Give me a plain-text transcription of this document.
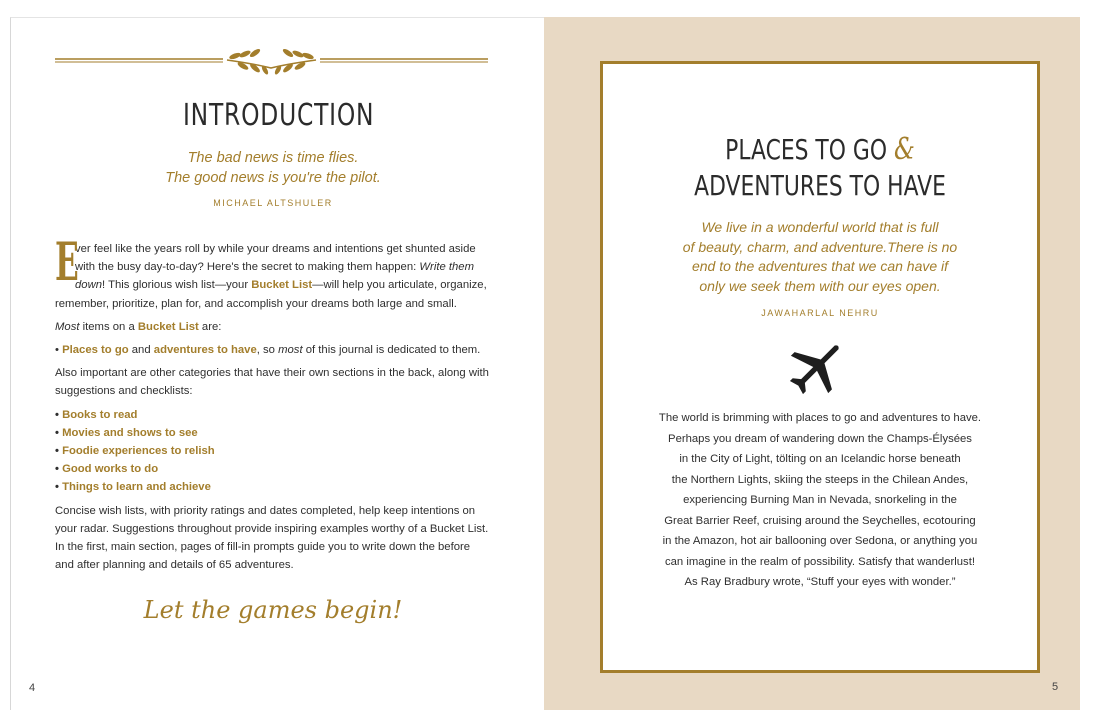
INTRODUCTION
The bad news is time flies.
The good news is you're the pilot.
MICHAEL ALTSHULER

E
ver feel like the years roll by while your dreams and intentions get shunted aside with the busy day-to-day? Here's the secret to making them happen: Write them down! This glorious wish list—your Bucket List—will help you articulate, organize, remember, prioritize, plan for, and accomplish your dreams both large and small.

Most items on a Bucket List are:

• Places to go and adventures to have, so most of this journal is dedicated to them.

Also important are other categories that have their own sections in the back, along with suggestions and checklists:

• Books to read
• Movies and shows to see
• Foodie experiences to relish
• Good works to do
• Things to learn and achieve

Concise wish lists, with priority ratings and dates completed, help keep intentions on your radar. Suggestions throughout provide inspiring examples worthy of a Bucket List. In the first, main section, pages of fill-in prompts guide you to write down the before and after planning and details of 65 adventures.

Let the games begin!
4
PLACES TO GO &
ADVENTURES TO HAVE
We live in a wonderful world that is full
of beauty, charm, and adventure.There is no
end to the adventures that we can have if
only we seek them with our eyes open.
JAWAHARLAL NEHRU
The world is brimming with places to go and adventures to have.
Perhaps you dream of wandering down the Champs-Élysées
in the City of Light, tölting on an Icelandic horse beneath
the Northern Lights, skiing the steeps in the Chilean Andes,
experiencing Burning Man in Nevada, snorkeling in the
Great Barrier Reef, cruising around the Seychelles, ecotouring
in the Amazon, hot air ballooning over Sedona, or anything you
can imagine in the realm of possibility. Satisfy that wanderlust!
As Ray Bradbury wrote, “Stuff your eyes with wonder.”
5
